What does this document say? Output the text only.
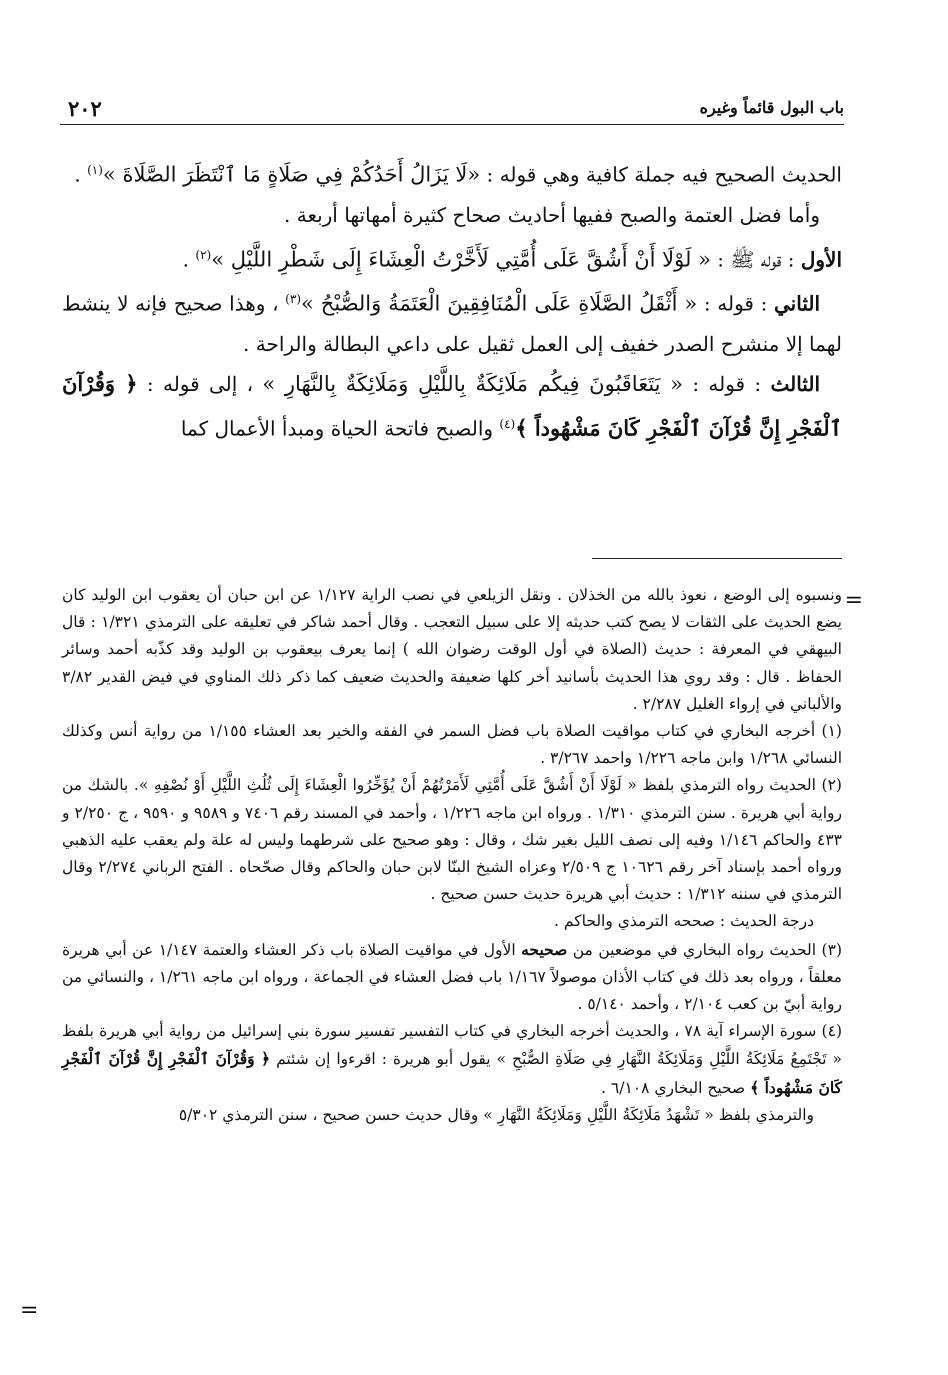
باب البول قائماً وغيره
٢٠٢

الحديث الصحيح فيه جملة كافية وهي قوله : «لَا يَزَالُ أَحَدُكُمْ فِي صَلَاةٍ مَا ٱنْتَظَرَ الصَّلَاةَ »$^{(١)}$ .

وأما فضل العتمة والصبح ففيها أحاديث صحاح كثيرة أمهاتها أربعة .

الأول : قوله ﷺ : « لَوْلَا أَنْ أَشُقَّ عَلَى أُمَّتِي لَأَخَّرْتُ الْعِشَاءَ إِلَى شَطْرِ اللَّيْلِ »$^{(٢)}$ .

الثاني : قوله : « أَثْقَلُ الصَّلَاةِ عَلَى الْمُنَافِقِينَ الْعَتَمَةُ وَالصُّبْحُ »$^{(٣)}$ ، وهذا صحيح فإنه لا ينشط لهما إلا منشرح الصدر خفيف إلى العمل ثقيل على داعي البطالة والراحة .

الثالث : قوله : « يَتَعَاقَبُونَ فِيكُم مَلَائِكَةٌ بِاللَّيْلِ وَمَلَائِكَةٌ بِالنَّهَارِ » ، إلى قوله : ﴿ وَقُرْآنَ ٱلْفَجْرِ إِنَّ قُرْآنَ ٱلْفَجْرِ كَانَ مَشْهُوداً ﴾$^{(٤)}$ والصبح فاتحة الحياة ومبدأ الأعمال كما

=

ونسبوه إلى الوضع ، نعوذ بالله من الخذلان . ونقل الزيلعي في نصب الراية ١/١٢٧ عن ابن حبان أن يعقوب ابن الوليد كان يضع الحديث على الثقات لا يصح كتب حديثه إلا على سبيل التعجب . وقال أحمد شاكر في تعليقه على الترمذي ١/٣٢١ : قال البيهقي في المعرفة : حديث (الصلاة في أول الوقت رضوان الله ) إنما يعرف بيعقوب بن الوليد وقد كذّبه أحمد وسائر الحفاظ . قال : وقد روي هذا الحديث بأسانيد أخر كلها ضعيفة والحديث ضعيف كما ذكر ذلك المناوي في فيض القدير ٣/٨٢ والألباني في إرواء الغليل ٢/٢٨٧ .

(١) أخرجه البخاري في كتاب مواقيت الصلاة باب فضل السمر في الفقه والخير بعد العشاء ١/١٥٥ من رواية أنس وكذلك النسائي ١/٢٦٨ وابن ماجه ١/٢٢٦ واحمد ٣/٢٦٧ .

(٢) الحديث رواه الترمذي بلفظ « لَوْلَا أَنْ أَشُقَّ عَلَى أُمَّتِي لَأَمَرْتُهُمْ أَنْ يُؤَخِّرُوا الْعِشَاءَ إِلَى ثُلُثِ اللَّيْلِ أَوْ نُصْفِهِ ». بالشك من رواية أبي هريرة . سنن الترمذي ١/٣١٠ . ورواه ابن ماجه ١/٢٢٦ ، وأحمد في المسند رقم ٧٤٠٦ و ٩٥٨٩ و ٩٥٩٠ ، ج ٢/٢٥٠ و ٤٣٣ والحاكم ١/١٤٦ وفيه إلى نصف الليل بغير شك ، وقال : وهو صحيح على شرطهما وليس له علة ولم يعقب عليه الذهبي ورواه أحمد بإسناد آخر رقم ١٠٦٢٦ ج ٢/٥٠٩ وعزاه الشيخ البنّا لابن حبان والحاكم وقال صحّحاه . الفتح الرباني ٢/٢٧٤ وقال الترمذي في سننه ١/٣١٢ : حديث أبي هريرة حديث حسن صحيح .

درجة الحديث : صححه الترمذي والحاكم .

(٣) الحديث رواه البخاري في موضعين من صحيحه الأول في مواقيت الصلاة باب ذكر العشاء والعتمة ١/١٤٧ عن أبي هريرة معلقاً ، ورواه بعد ذلك في كتاب الأذان موصولاً ١/١٦٧ باب فضل العشاء في الجماعة ، ورواه ابن ماجه ١/٢٦١ ، والنسائي من رواية أبيّ بن كعب ٢/١٠٤ ، وأحمد ٥/١٤٠ .

(٤) سورة الإسراء آية ٧٨ ، والحديث أخرجه البخاري في كتاب التفسير تفسير سورة بني إسرائيل من رواية أبي هريرة بلفظ « تَجْتَمِعُ مَلَائِكَةُ اللَّيْلِ وَمَلَائِكَةُ النَّهَارِ فِي صَلَاةِ الصُّبْحِ » يقول أبو هريرة : اقرءوا إن شئتم ﴿ وَقُرْآنَ ٱلْفَجْرِ إِنَّ قُرْآنَ ٱلْفَجْرِ كَانَ مَشْهُوداً ﴾ صحيح البخاري ٦/١٠٨ .

والترمذي بلفظ « تَشْهَدُ مَلَائِكَةُ اللَّيْلِ وَمَلَائِكَةُ النَّهَارِ » وقال حديث حسن صحيح ، سنن الترمذي ٥/٣٠٢

=
